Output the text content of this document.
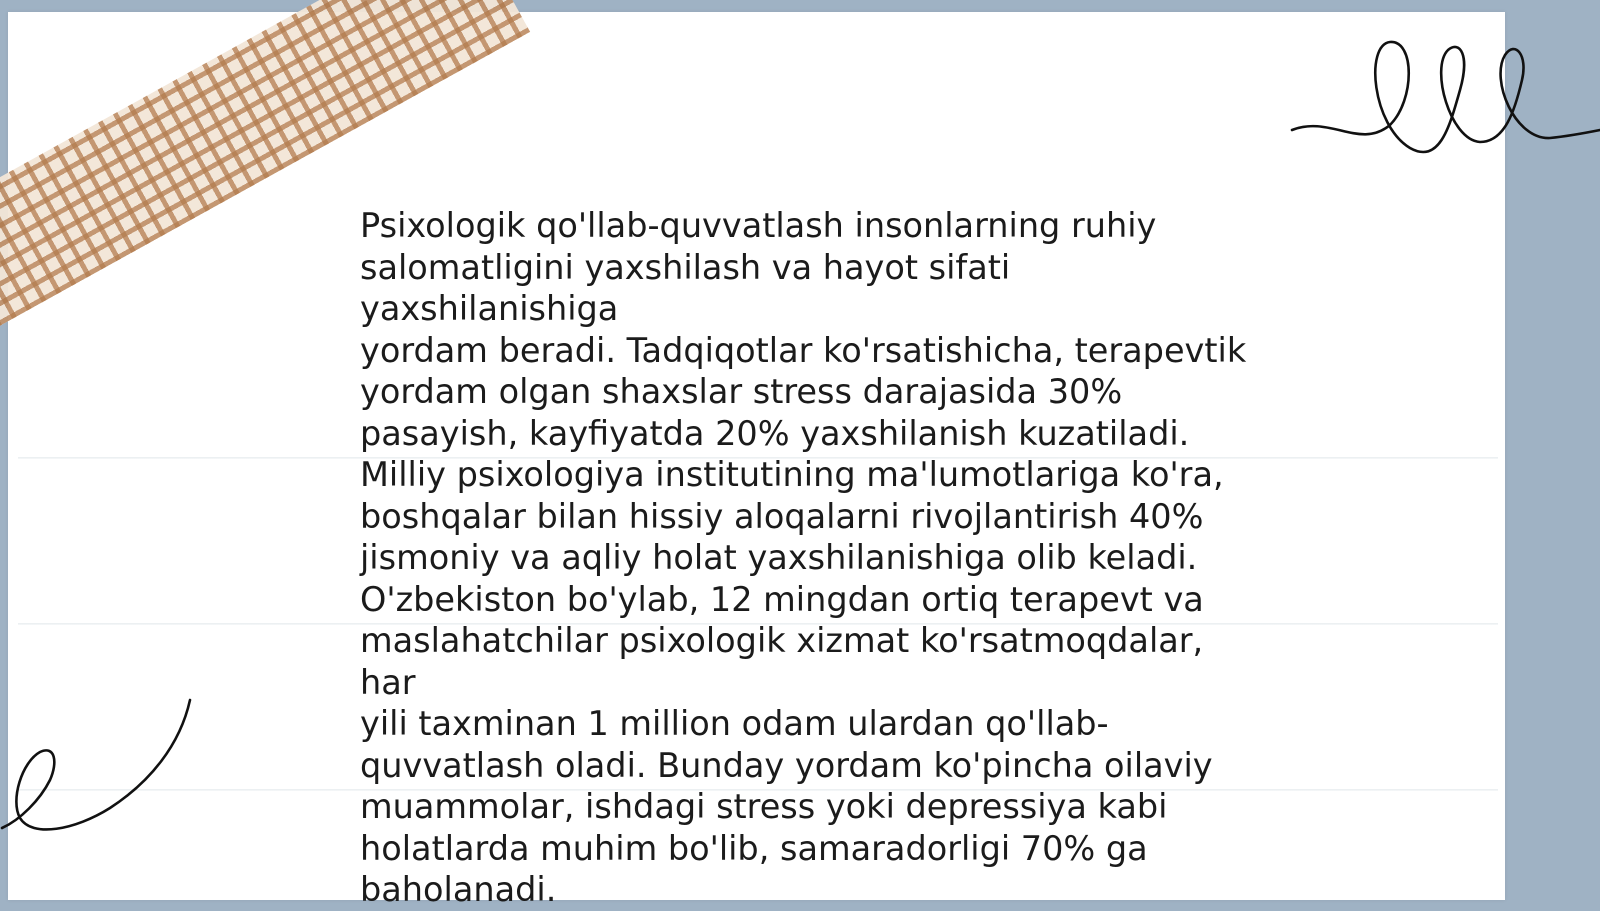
Psixologik qo'llab-quvvatlash insonlarning ruhiy
salomatligini yaxshilash va hayot sifati yaxshilanishiga
yordam beradi. Tadqiqotlar ko'rsatishicha, terapevtik
yordam olgan shaxslar stress darajasida 30%
pasayish, kayfiyatda 20% yaxshilanish kuzatiladi.
Milliy psixologiya institutining ma'lumotlariga ko'ra,
boshqalar bilan hissiy aloqalarni rivojlantirish 40%
jismoniy va aqliy holat yaxshilanishiga olib keladi.
O'zbekiston bo'ylab, 12 mingdan ortiq terapevt va
maslahatchilar psixologik xizmat ko'rsatmoqdalar, har
yili taxminan 1 million odam ulardan qo'llab-
quvvatlash oladi. Bunday yordam ko'pincha oilaviy
muammolar, ishdagi stress yoki depressiya kabi
holatlarda muhim bo'lib, samaradorligi 70% ga
baholanadi.
